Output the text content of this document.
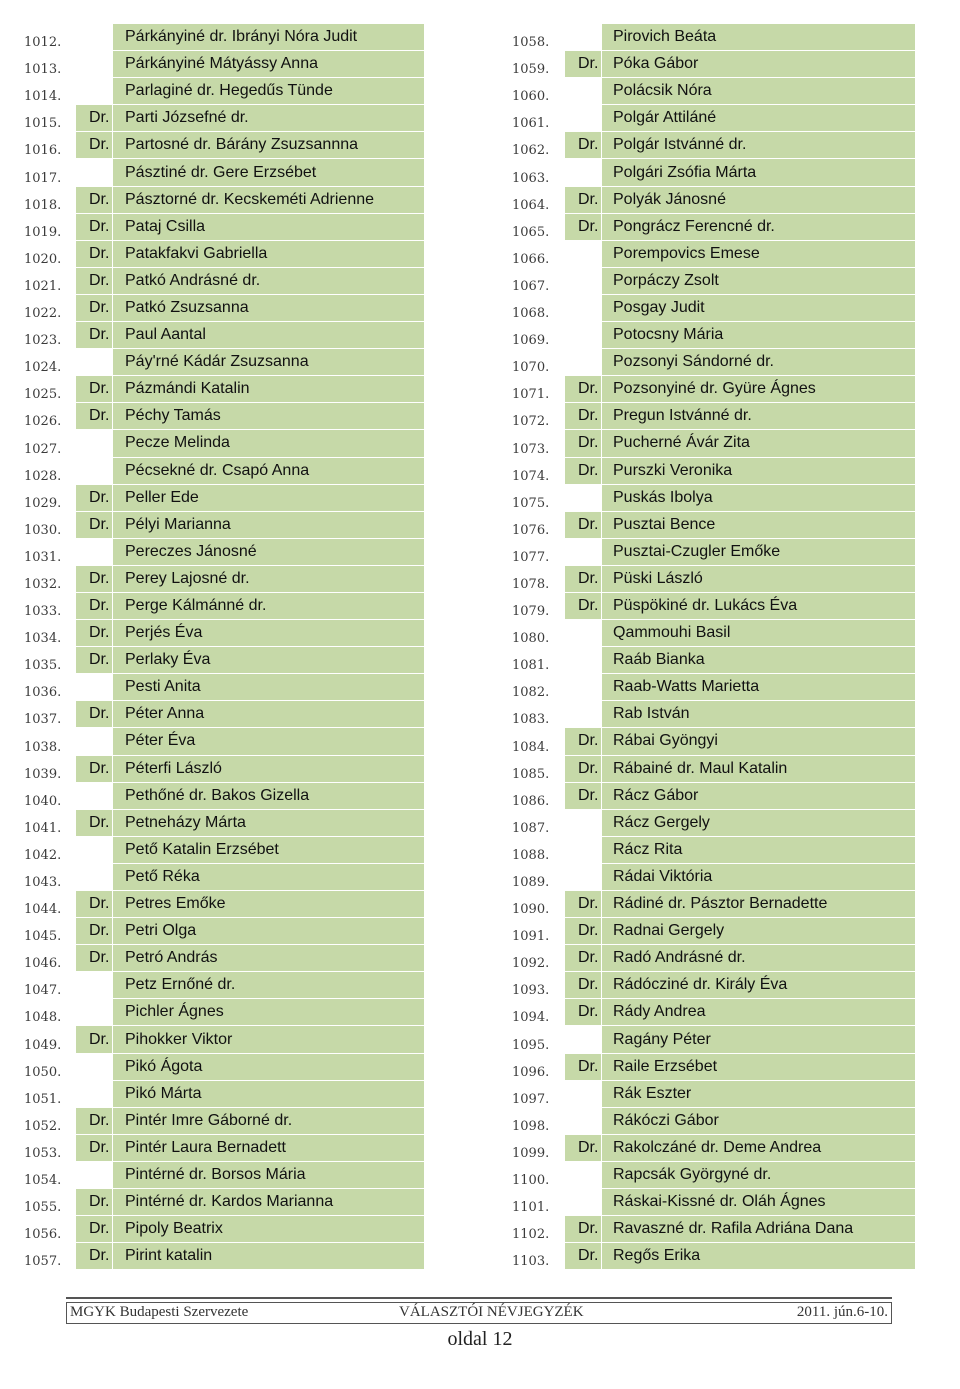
1012.	Párkányiné dr. Ibrányi Nóra Judit
1013.	Párkányiné Mátyássy Anna
1014.	Parlaginé dr. Hegedűs Tünde
1015.	Dr. Parti Józsefné dr.
1016.	Dr. Partosné dr. Bárány Zsuzsannna
1017.	Pásztiné dr. Gere Erzsébet
1018.	Dr. Pásztorné dr. Kecskeméti Adrienne
1019.	Dr. Pataj Csilla
1020.	Dr. Patakfakvi Gabriella
1021.	Dr. Patkó Andrásné dr.
1022.	Dr. Patkó Zsuzsanna
1023.	Dr. Paul Aantal
1024.	Páy'rné Kádár Zsuzsanna
1025.	Dr. Pázmándi Katalin
1026.	Dr. Péchy Tamás
1027.	Pecze Melinda
1028.	Pécsekné dr. Csapó Anna
1029.	Dr. Peller Ede
1030.	Dr. Pélyi Marianna
1031.	Pereczes Jánosné
1032.	Dr. Perey Lajosné dr.
1033.	Dr. Perge Kálmánné dr.
1034.	Dr. Perjés Éva
1035.	Dr. Perlaky Éva
1036.	Pesti Anita
1037.	Dr. Péter Anna
1038.	Péter Éva
1039.	Dr. Péterfi László
1040.	Pethőné dr. Bakos Gizella
1041.	Dr. Petneházy Márta
1042.	Pető Katalin Erzsébet
1043.	Pető Réka
1044.	Dr. Petres Emőke
1045.	Dr. Petri Olga
1046.	Dr. Petró András
1047.	Petz Ernőné dr.
1048.	Pichler Ágnes
1049.	Dr. Pihokker Viktor
1050.	Pikó Ágota
1051.	Pikó Márta
1052.	Dr. Pintér Imre Gáborné dr.
1053.	Dr. Pintér Laura Bernadett
1054.	Pintérné dr. Borsos Mária
1055.	Dr. Pintérné dr. Kardos Marianna
1056.	Dr. Pipoly Beatrix
1057.	Dr. Pirint katalin
1058.	Pirovich Beáta
1059.	Dr. Póka Gábor
1060.	Polácsik Nóra
1061.	Polgár Attiláné
1062.	Dr. Polgár Istvánné dr.
1063.	Polgári Zsófia Márta
1064.	Dr. Polyák Jánosné
1065.	Dr. Pongrácz Ferencné dr.
1066.	Porempovics Emese
1067.	Porpáczy Zsolt
1068.	Posgay Judit
1069.	Potocsny Mária
1070.	Pozsonyi Sándorné dr.
1071.	Dr. Pozsonyiné dr. Gyüre Ágnes
1072.	Dr. Pregun Istvánné dr.
1073.	Dr. Pucherné Ávár Zita
1074.	Dr. Purszki Veronika
1075.	Puskás Ibolya
1076.	Dr. Pusztai Bence
1077.	Pusztai-Czugler Emőke
1078.	Dr. Püski László
1079.	Dr. Püspökiné dr. Lukács Éva
1080.	Qammouhi Basil
1081.	Raáb Bianka
1082.	Raab-Watts Marietta
1083.	Rab István
1084.	Dr. Rábai Gyöngyi
1085.	Dr. Rábainé dr. Maul Katalin
1086.	Dr. Rácz Gábor
1087.	Rácz Gergely
1088.	Rácz Rita
1089.	Rádai Viktória
1090.	Dr. Rádiné dr. Pásztor Bernadette
1091.	Dr. Radnai Gergely
1092.	Dr. Radó Andrásné dr.
1093.	Dr. Rádócziné dr. Király Éva
1094.	Dr. Rády Andrea
1095.	Ragány Péter
1096.	Dr. Raile Erzsébet
1097.	Rák Eszter
1098.	Rákóczi Gábor
1099.	Dr. Rakolczáné dr. Deme Andrea
1100.	Rapcsák Györgyné dr.
1101.	Ráskai-Kissné dr. Oláh Ágnes
1102.	Dr. Ravaszné dr. Rafila Adriána Dana
1103.	Dr. Regős Erika
MGYK Budapesti Szervezete	VÁLASZTÓI NÉVJEGYZÉK	2011. jún.6-10.
oldal 12
